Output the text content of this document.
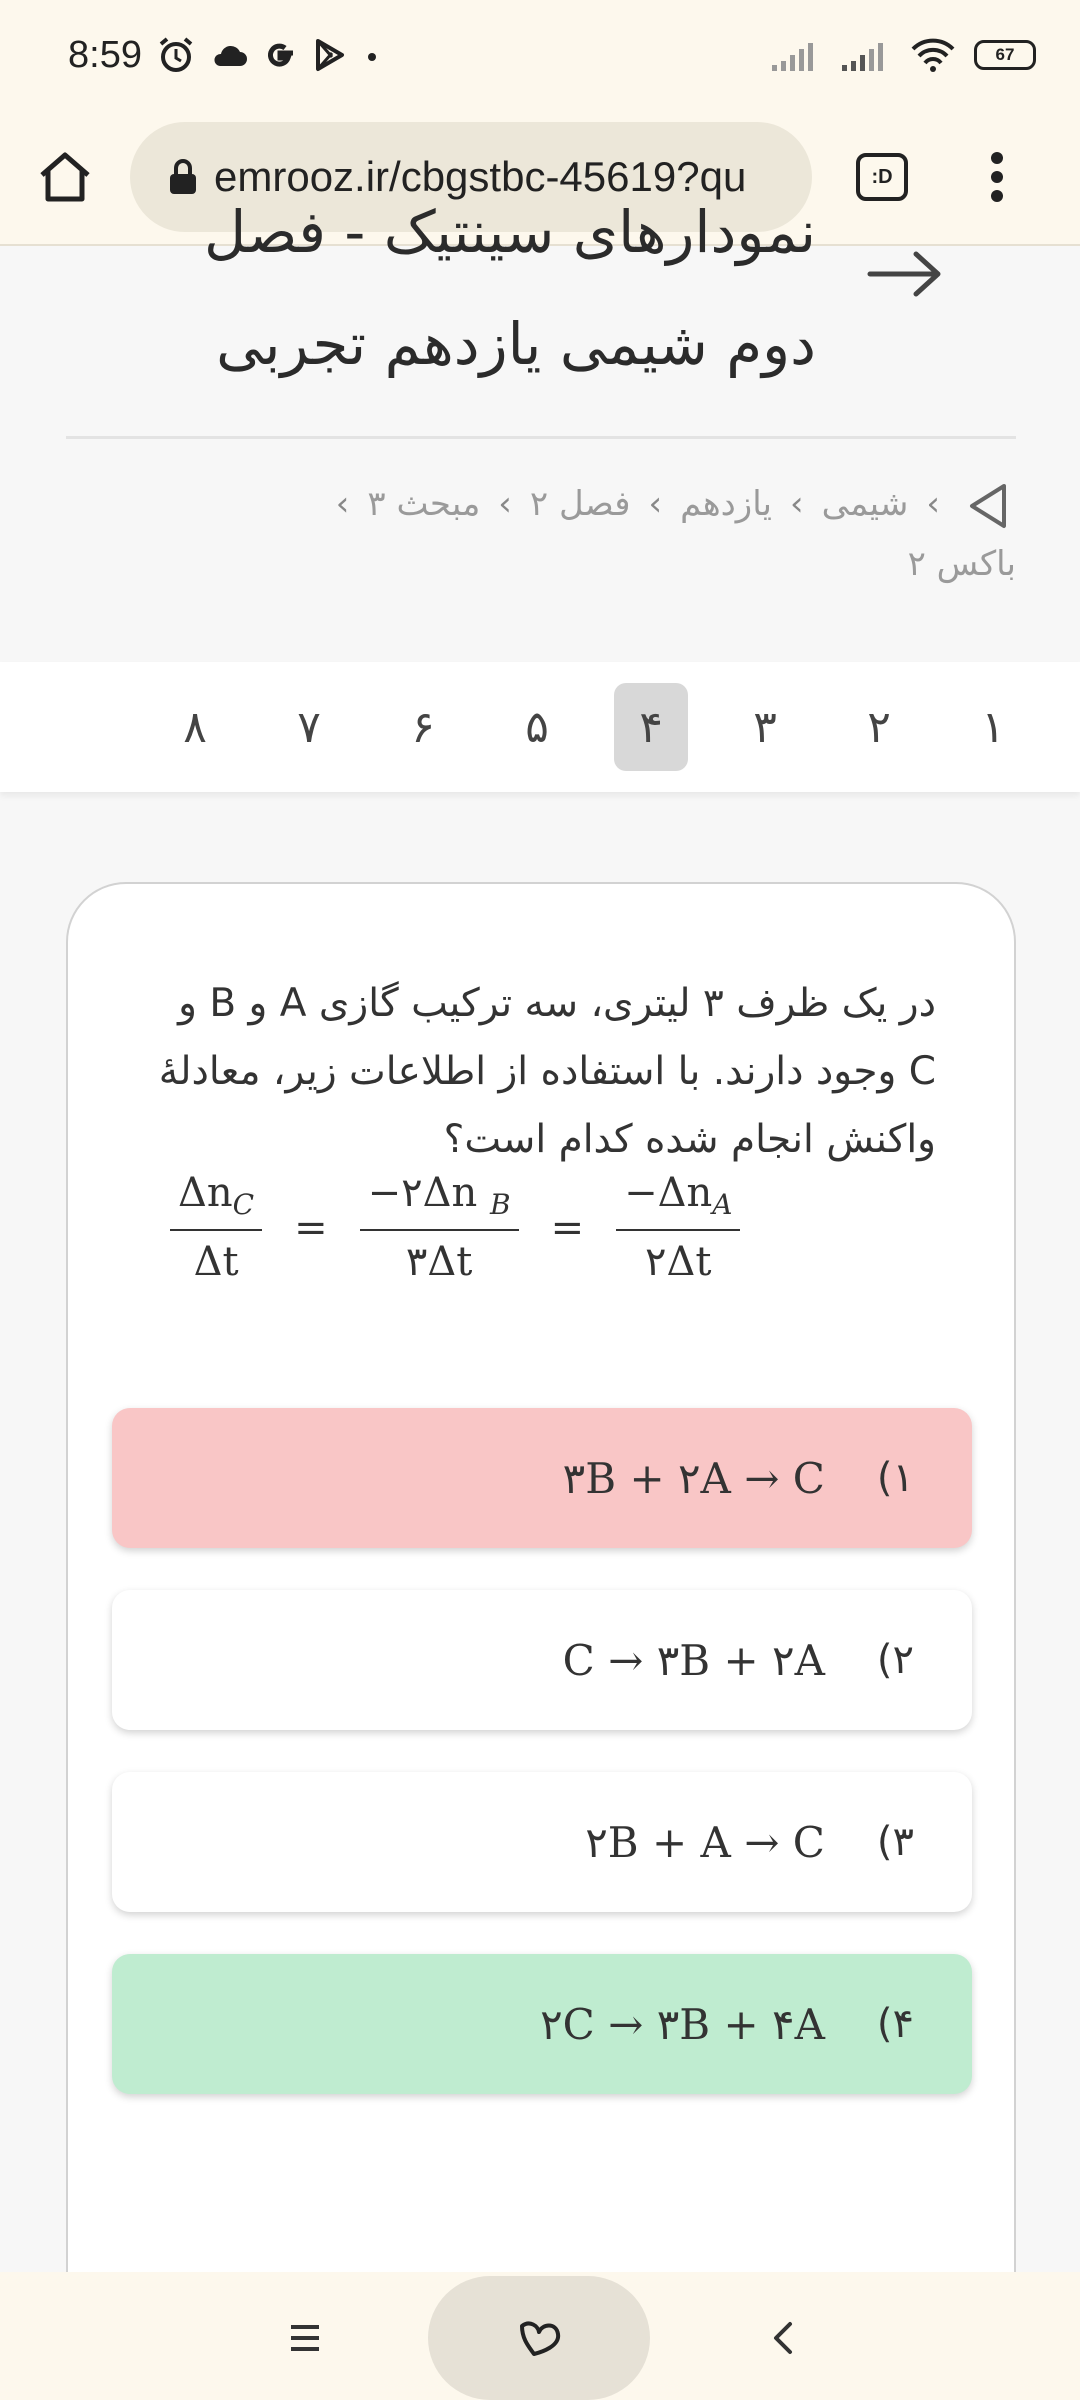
8:59	67
emrooz.ir/cbgstbc-45619?qu	:D
نمودارهای سینتیک - فصل
دوم شیمی یازدهم تجربی
›شیمی›یازدهم›فصل ۲›مبحث ۳›
باکس ۲
۱
۲
۳
۴
۵
۶
۷
۸
در یک ظرف ۳ لیتری، سه ترکیب گازی A و B و C وجود دارند. با استفاده از اطلاعات زیر، معادلهٔ واکنش انجام شده کدام است؟
$\frac{\Delta n_C}{\Delta t} = \frac{-۲\Delta n _B}{۳\Delta t} = \frac{-\Delta n_A}{۲\Delta t}$
۳B + ۲A → C ۱)
C → ۳B + ۲A ۲)
۲B + A → C ۳)
۲C → ۳B + ۴A ۴)
